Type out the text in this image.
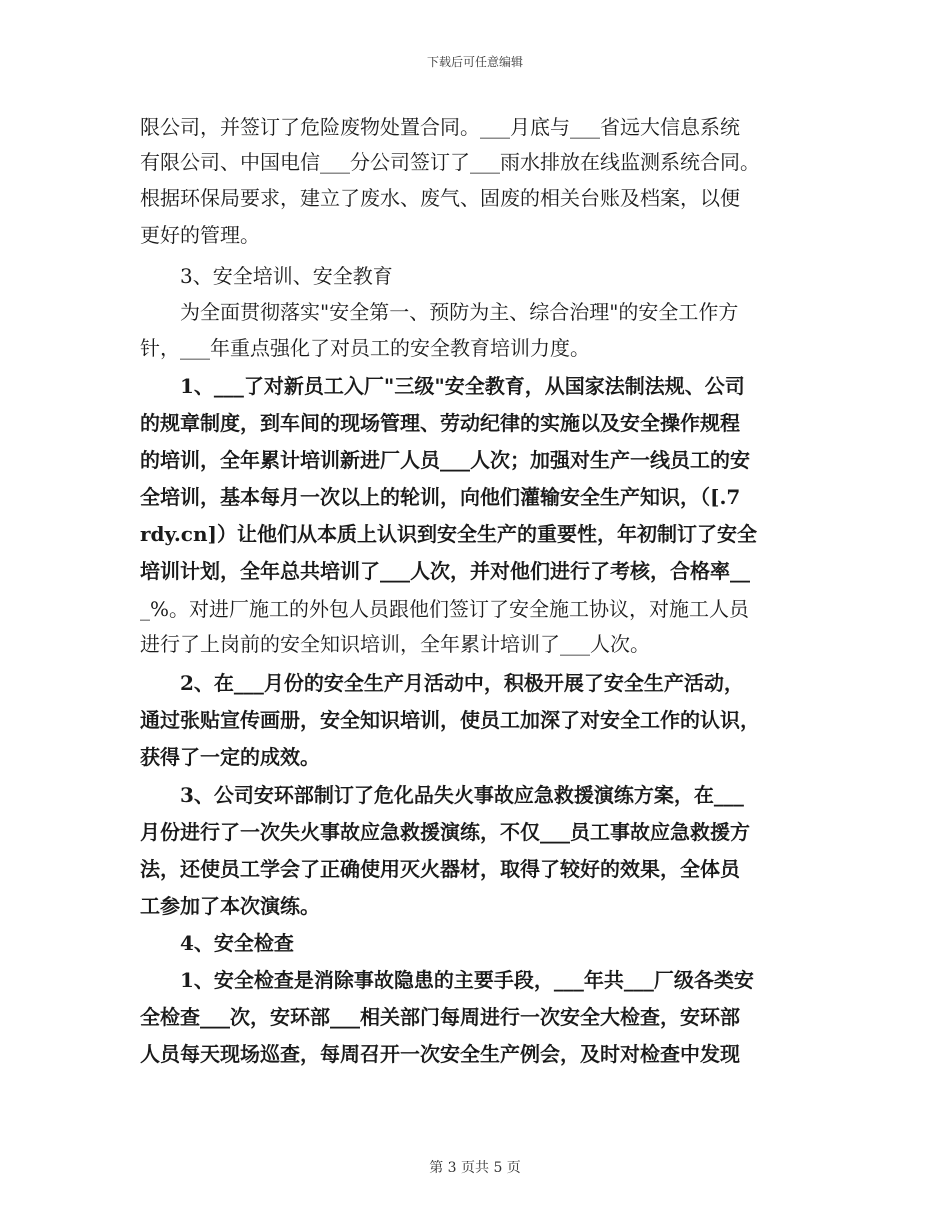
下载后可任意编辑
限公司，并签订了危险废物处置合同。___月底与___省远大信息系统
有限公司、中国电信___分公司签订了___雨水排放在线监测系统合同。
根据环保局要求，建立了废水、废气、固废的相关台账及档案，以便
更好的管理。
3、安全培训、安全教育
为全面贯彻落实"安全第一、预防为主、综合治理"的安全工作方
针，___年重点强化了对员工的安全教育培训力度。
1、___了对新员工入厂"三级"安全教育，从国家法制法规、公司
的规章制度，到车间的现场管理、劳动纪律的实施以及安全操作规程
的培训，全年累计培训新进厂人员___人次；加强对生产一线员工的安
全培训，基本每月一次以上的轮训，向他们灌输安全生产知识，（[.7
rdy.cn]）让他们从本质上认识到安全生产的重要性，年初制订了安全
培训计划，全年总共培训了___人次，并对他们进行了考核，合格率__
_%。对进厂施工的外包人员跟他们签订了安全施工协议，对施工人员
进行了上岗前的安全知识培训，全年累计培训了___人次。
2、在___月份的安全生产月活动中，积极开展了安全生产活动，
通过张贴宣传画册，安全知识培训，使员工加深了对安全工作的认识，
获得了一定的成效。
3、公司安环部制订了危化品失火事故应急救援演练方案，在___
月份进行了一次失火事故应急救援演练，不仅___员工事故应急救援方
法，还使员工学会了正确使用灭火器材，取得了较好的效果，全体员
工参加了本次演练。
4、安全检查
1、安全检查是消除事故隐患的主要手段，___年共___厂级各类安
全检查___次，安环部___相关部门每周进行一次安全大检查，安环部
人员每天现场巡查，每周召开一次安全生产例会，及时对检查中发现
第 3 页共 5 页
